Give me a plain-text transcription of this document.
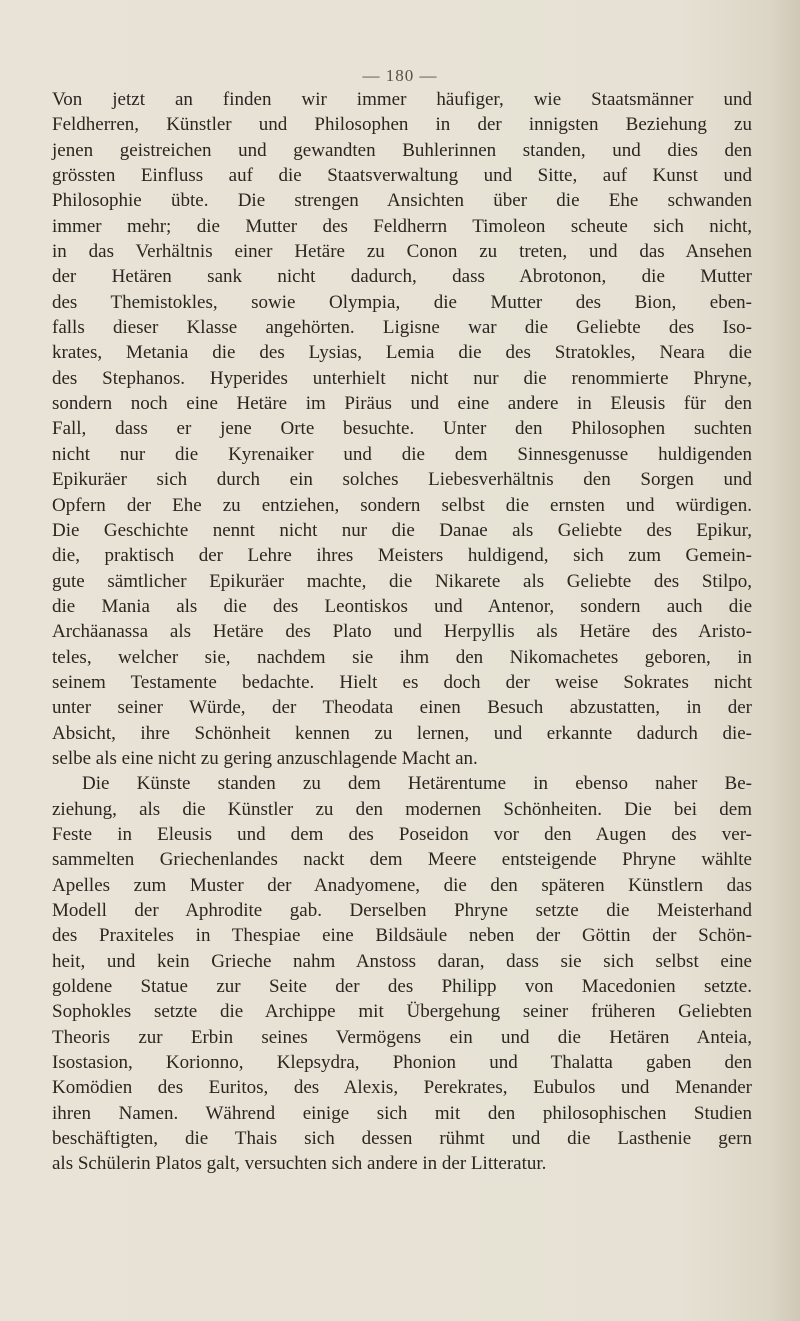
— 180 —
Von jetzt an finden wir immer häufiger, wie Staatsmänner und
Feldherren, Künstler und Philosophen in der innigsten Beziehung zu
jenen geistreichen und gewandten Buhlerinnen standen, und dies den
grössten Einfluss auf die Staatsverwaltung und Sitte, auf Kunst und
Philosophie übte. Die strengen Ansichten über die Ehe schwanden
immer mehr; die Mutter des Feldherrn Timoleon scheute sich nicht,
in das Verhältnis einer Hetäre zu Conon zu treten, und das Ansehen
der Hetären sank nicht dadurch, dass Abrotonon, die Mutter
des Themistokles, sowie Olympia, die Mutter des Bion, eben-
falls dieser Klasse angehörten. Ligisne war die Geliebte des Iso-
krates, Metania die des Lysias, Lemia die des Stratokles, Neara die
des Stephanos. Hyperides unterhielt nicht nur die renommierte Phryne,
sondern noch eine Hetäre im Piräus und eine andere in Eleusis für den
Fall, dass er jene Orte besuchte. Unter den Philosophen suchten
nicht nur die Kyrenaiker und die dem Sinnesgenusse huldigenden
Epikuräer sich durch ein solches Liebesverhältnis den Sorgen und
Opfern der Ehe zu entziehen, sondern selbst die ernsten und würdigen.
Die Geschichte nennt nicht nur die Danae als Geliebte des Epikur,
die, praktisch der Lehre ihres Meisters huldigend, sich zum Gemein-
gute sämtlicher Epikuräer machte, die Nikarete als Geliebte des Stilpo,
die Mania als die des Leontiskos und Antenor, sondern auch die
Archäanassa als Hetäre des Plato und Herpyllis als Hetäre des Aristo-
teles, welcher sie, nachdem sie ihm den Nikomachetes geboren, in
seinem Testamente bedachte. Hielt es doch der weise Sokrates nicht
unter seiner Würde, der Theodata einen Besuch abzustatten, in der
Absicht, ihre Schönheit kennen zu lernen, und erkannte dadurch die-
selbe als eine nicht zu gering anzuschlagende Macht an.
Die Künste standen zu dem Hetärentume in ebenso naher Be-
ziehung, als die Künstler zu den modernen Schönheiten. Die bei dem
Feste in Eleusis und dem des Poseidon vor den Augen des ver-
sammelten Griechenlandes nackt dem Meere entsteigende Phryne wählte
Apelles zum Muster der Anadyomene, die den späteren Künstlern das
Modell der Aphrodite gab. Derselben Phryne setzte die Meisterhand
des Praxiteles in Thespiae eine Bildsäule neben der Göttin der Schön-
heit, und kein Grieche nahm Anstoss daran, dass sie sich selbst eine
goldene Statue zur Seite der des Philipp von Macedonien setzte.
Sophokles setzte die Archippe mit Übergehung seiner früheren Geliebten
Theoris zur Erbin seines Vermögens ein und die Hetären Anteia,
Isostasion, Korionno, Klepsydra, Phonion und Thalatta gaben den
Komödien des Euritos, des Alexis, Perekrates, Eubulos und Menander
ihren Namen. Während einige sich mit den philosophischen Studien
beschäftigten, die Thais sich dessen rühmt und die Lasthenie gern
als Schülerin Platos galt, versuchten sich andere in der Litteratur.
